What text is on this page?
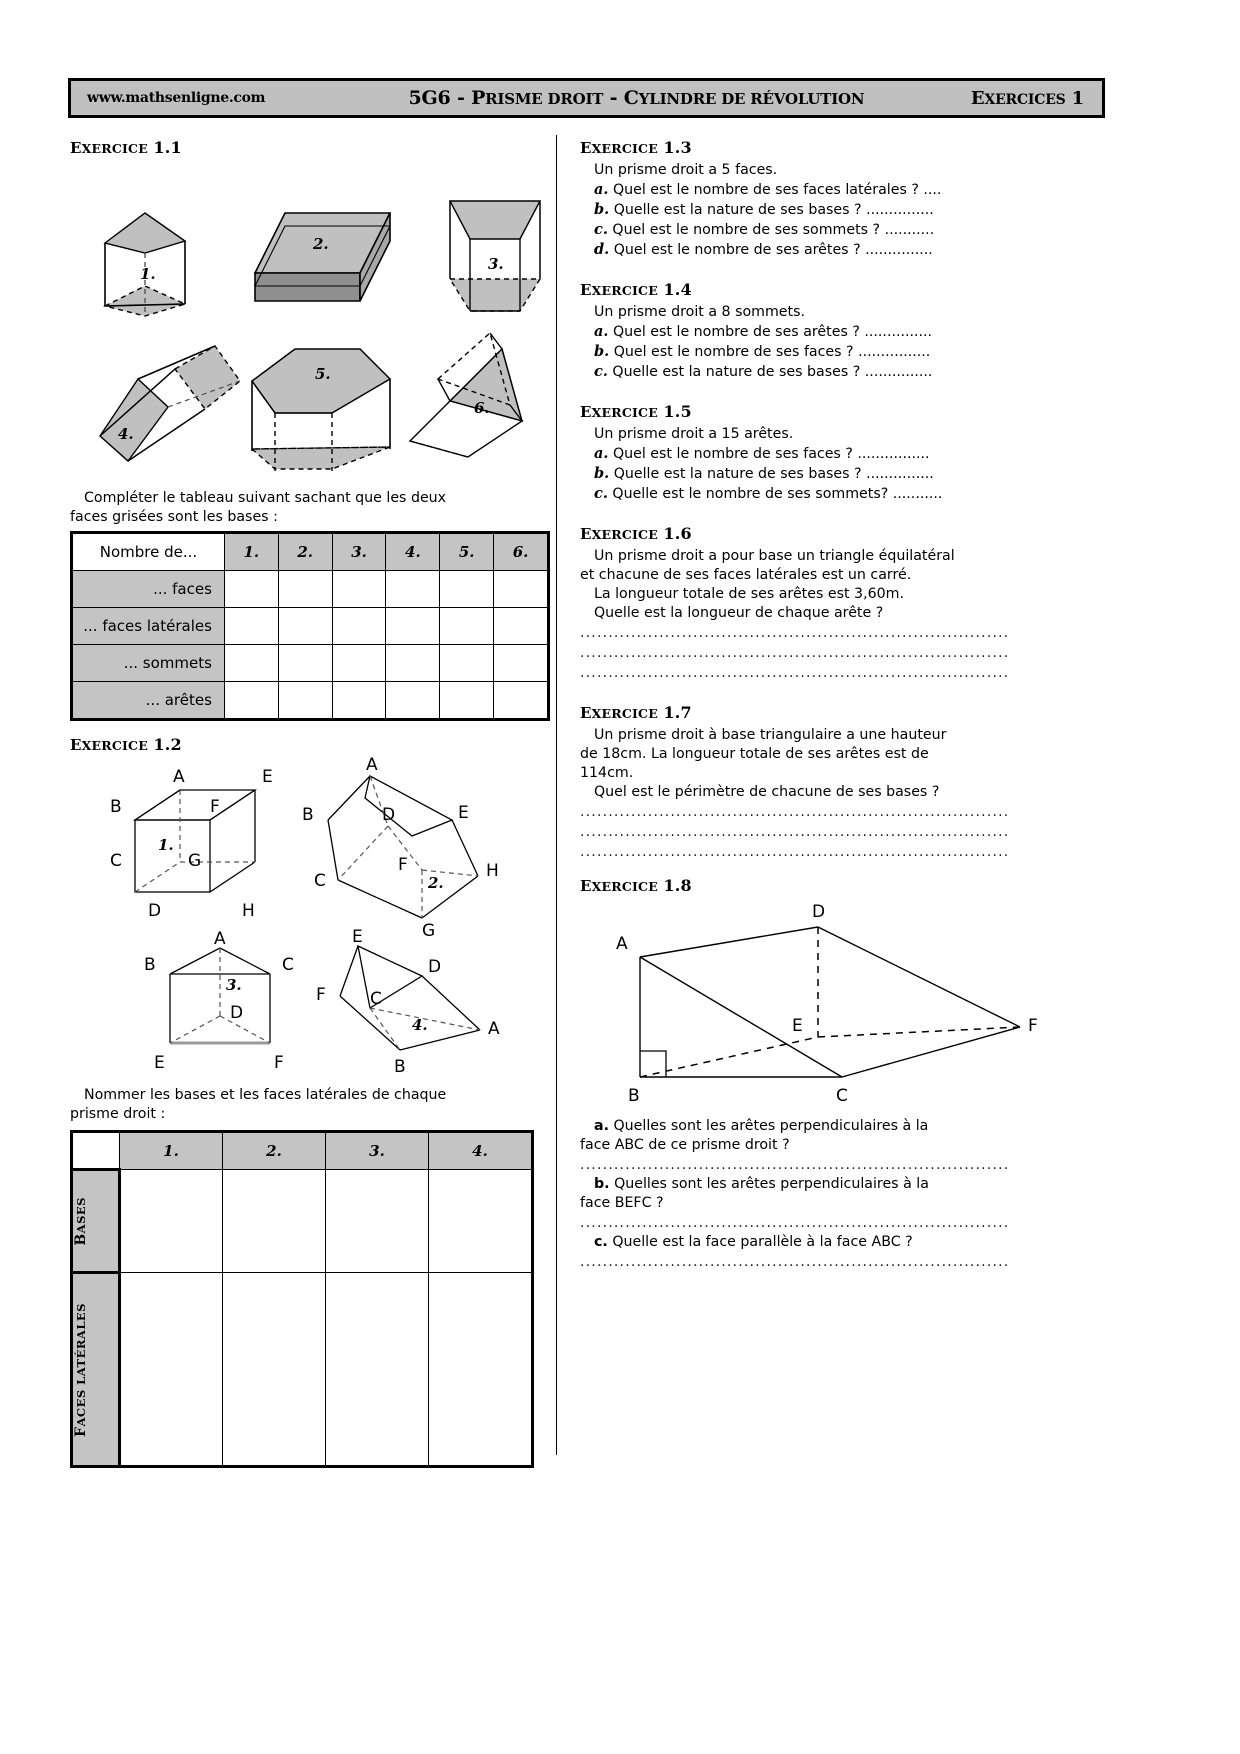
www.mathsenligne.com	5G6 - PRISME DROIT - CYLINDRE DE RÉVOLUTION	EXERCICES 1
EXERCICE 1.1
1.
2.
3.
4.
5.
6.

Compléter le tableau suivant sachant que les deux

faces grisées sont les bases :

Nombre de...	1.	2.	3.	4.	5.	6.
... faces						
... faces latérales						
... sommets						
... arêtes						
EXERCICE 1.2
A
B
C
D
E
F
G
H
1.
A
B
C
D	E
F
G
H
2.
A
B	C
D
E	F
3.
E
D
F	C
B
A
4.

Nommer les bases et les faces latérales de chaque

prisme droit :

	1.	2.	3.	4.

BASES				

FACES LATÉRALES				

EXERCICE 1.3

Un prisme droit a 5 faces.

a. Quel est le nombre de ses faces latérales ? ....

b. Quelle est la nature de ses bases ? ...............

c. Quel est le nombre de ses sommets ? ...........

d. Quel est le nombre de ses arêtes ? ...............

EXERCICE 1.4

Un prisme droit a 8 sommets.

a. Quel est le nombre de ses arêtes ? ...............

b. Quel est le nombre de ses faces ? ................

c. Quelle est la nature de ses bases ? ...............

EXERCICE 1.5

Un prisme droit a 15 arêtes.

a. Quel est le nombre de ses faces ? ................

b. Quelle est la nature de ses bases ? ...............

c. Quelle est le nombre de ses sommets? ...........

EXERCICE 1.6

Un prisme droit a pour base un triangle équilatéral

et chacune de ses faces latérales est un carré.

La longueur totale de ses arêtes est 3,60m.

Quelle est la longueur de chaque arête ?

............................................................................
............................................................................
............................................................................
EXERCICE 1.7

Un prisme droit à base triangulaire a une hauteur

de 18cm. La longueur totale de ses arêtes est de

114cm.

Quel est le périmètre de chacune de ses bases ?

............................................................................
............................................................................
............................................................................
EXERCICE 1.8
A
B	C
D
E	F

a. Quelles sont les arêtes perpendiculaires à la

face ABC de ce prisme droit ?

............................................................................

b. Quelles sont les arêtes perpendiculaires à la

face BEFC ?

............................................................................

c. Quelle est la face parallèle à la face ABC ?

............................................................................
